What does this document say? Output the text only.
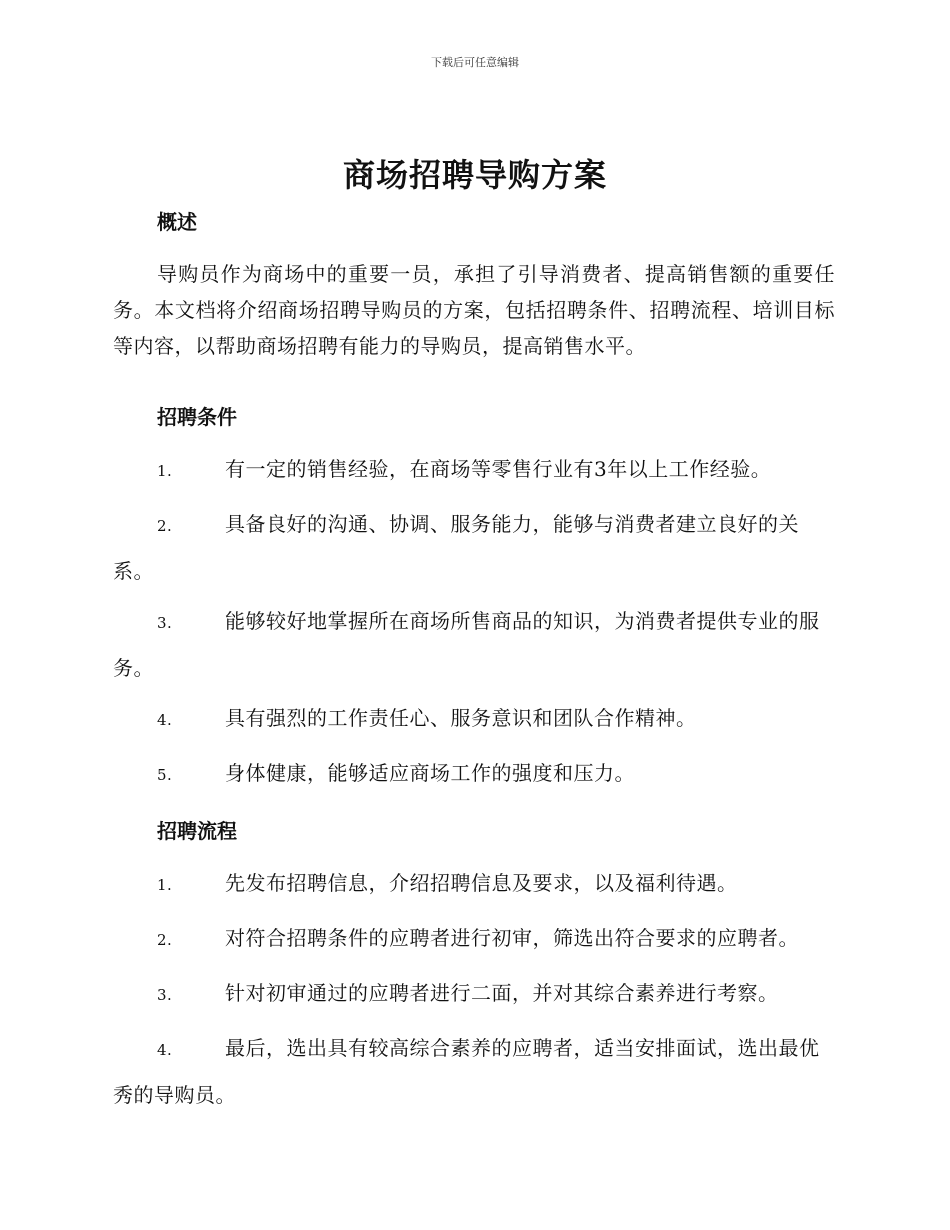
下载后可任意编辑
商场招聘导购方案
概述

导购员作为商场中的重要一员，承担了引导消费者、提高销售额的重要任务。本文档将介绍商场招聘导购员的方案，包括招聘条件、招聘流程、培训目标等内容，以帮助商场招聘有能力的导购员，提高销售水平。

招聘条件

1.	有一定的销售经验，在商场等零售行业有3年以上工作经验。

2.	具备良好的沟通、协调、服务能力，能够与消费者建立良好的关系。

3.	能够较好地掌握所在商场所售商品的知识，为消费者提供专业的服务。

4.	具有强烈的工作责任心、服务意识和团队合作精神。

5.	身体健康，能够适应商场工作的强度和压力。

招聘流程

1.	先发布招聘信息，介绍招聘信息及要求，以及福利待遇。

2.	对符合招聘条件的应聘者进行初审，筛选出符合要求的应聘者。

3.	针对初审通过的应聘者进行二面，并对其综合素养进行考察。

4.	最后，选出具有较高综合素养的应聘者，适当安排面试，选出最优秀的导购员。
